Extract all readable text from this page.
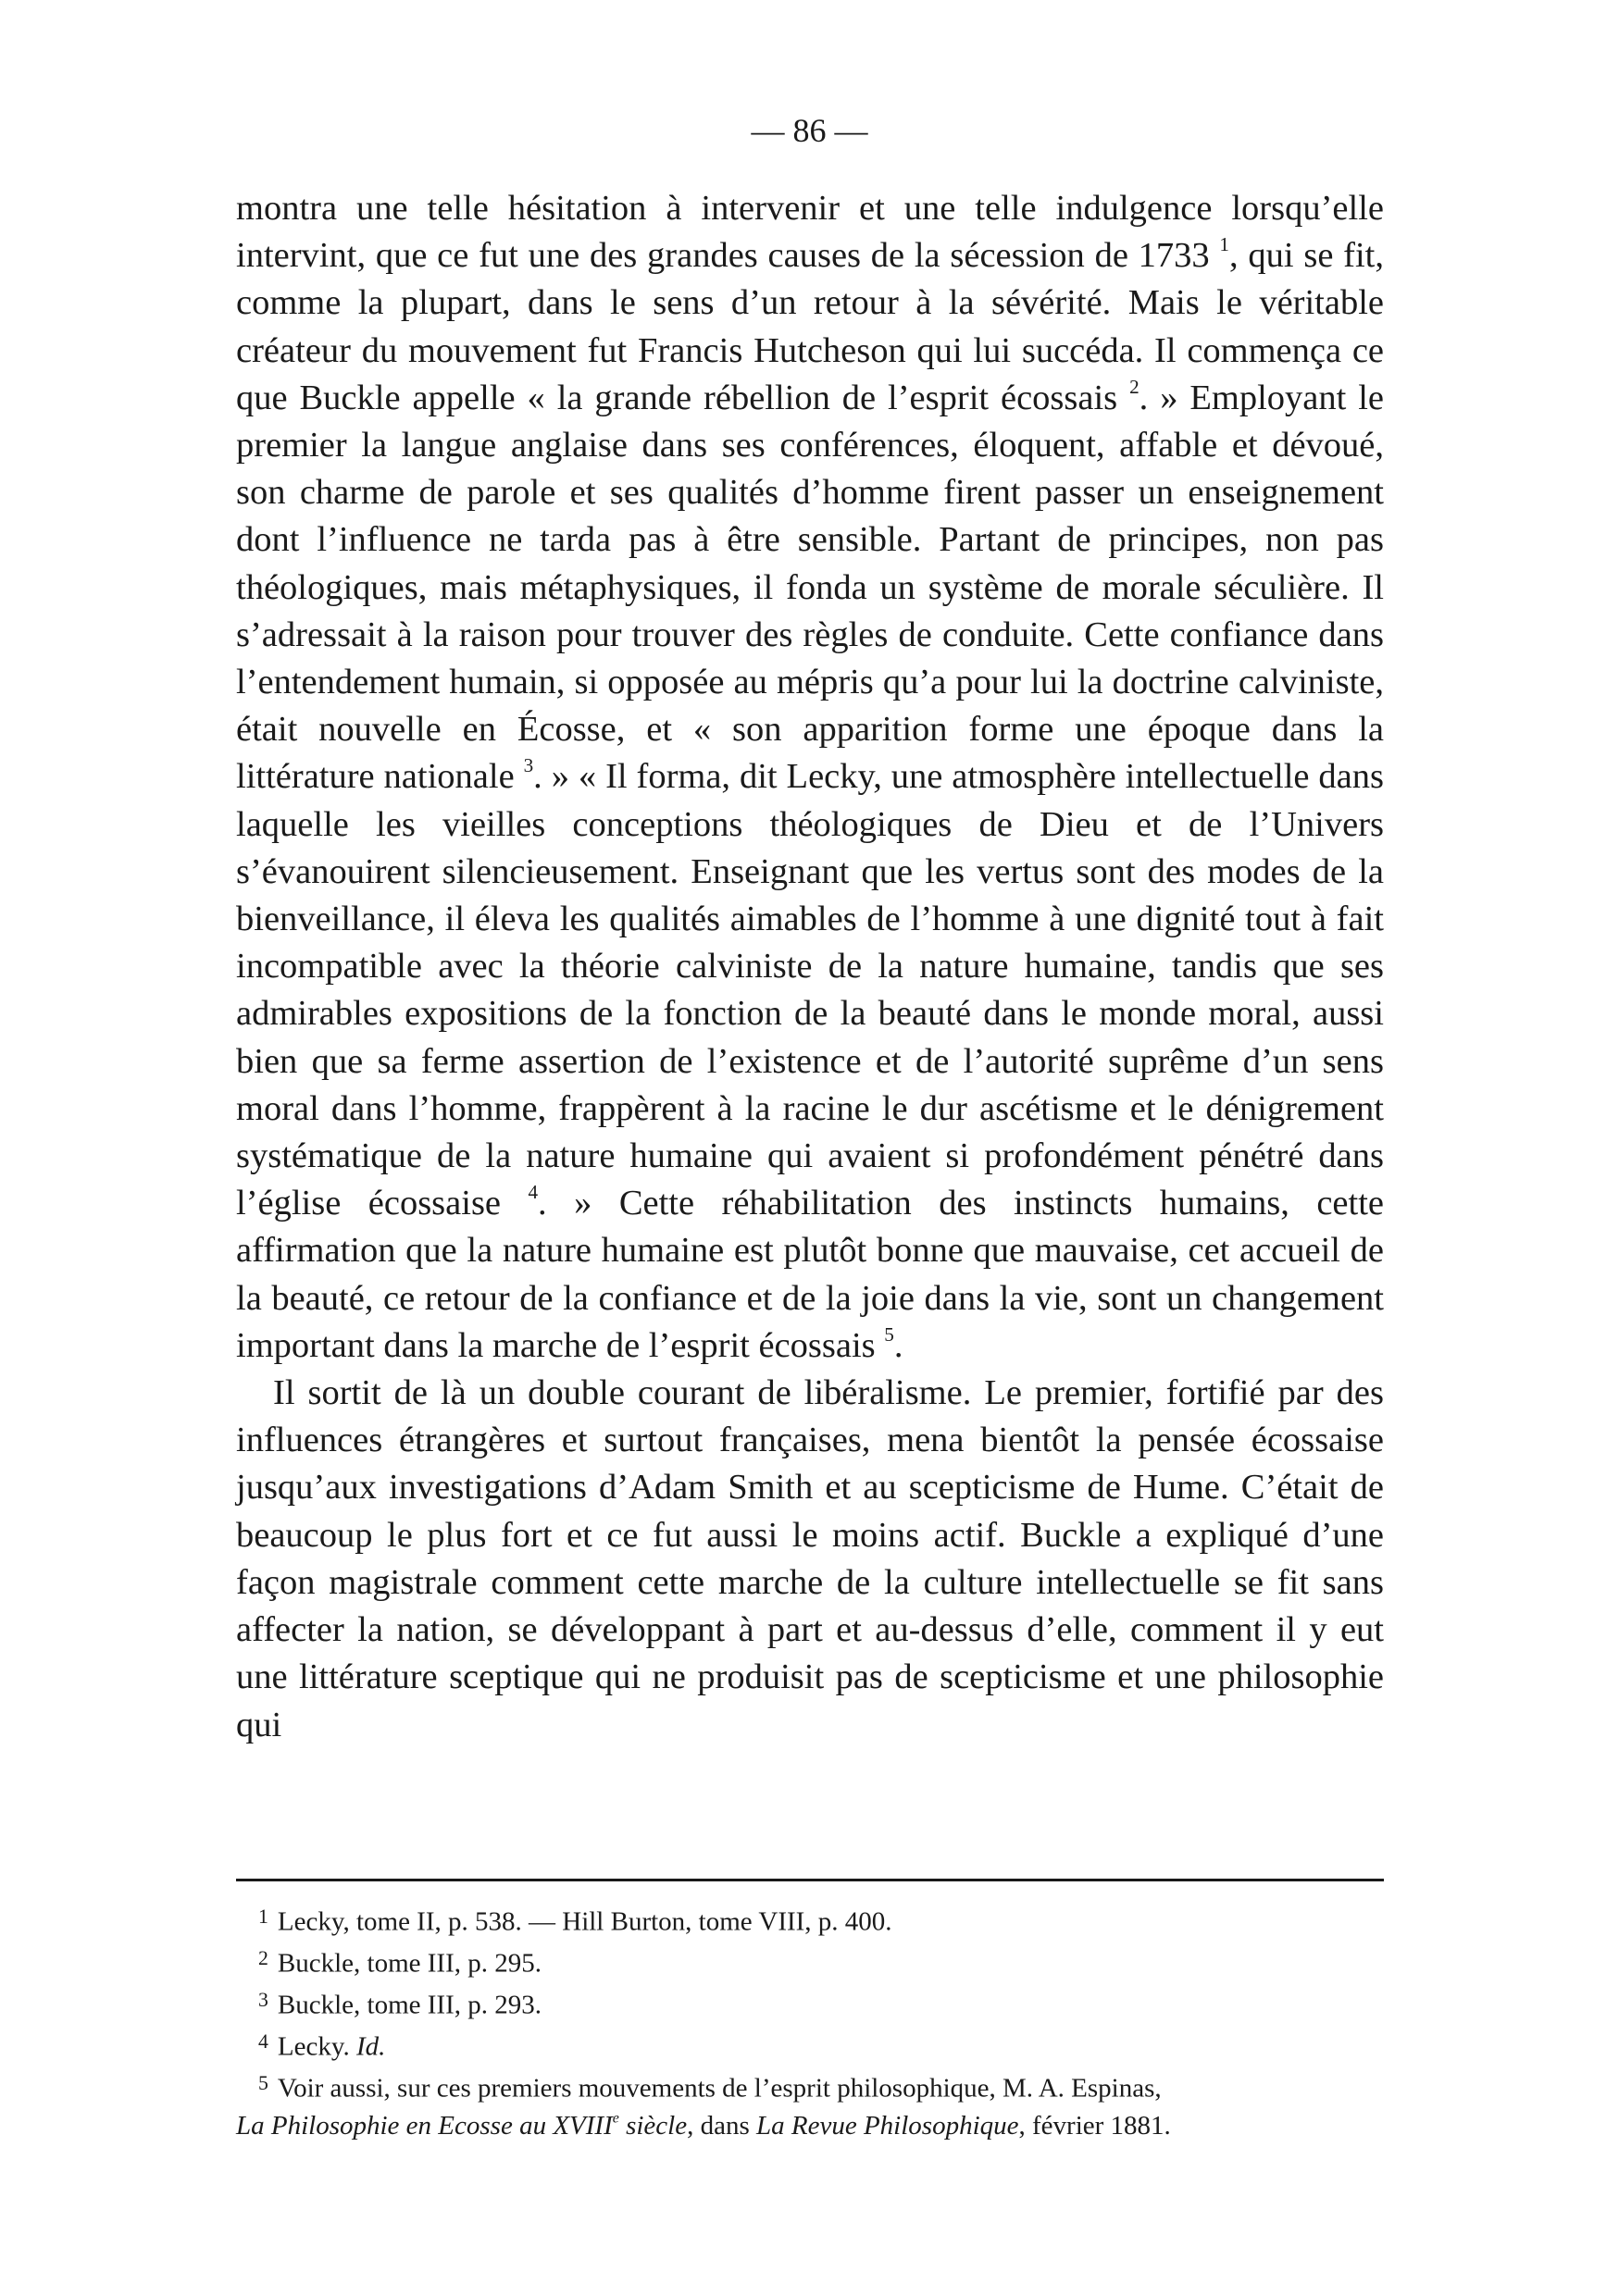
— 86 —

montra une telle hésitation à intervenir et une telle indulgence lorsqu’elle intervint, que ce fut une des grandes causes de la sécession de 1733 $^1$, qui se fit, comme la plupart, dans le sens d’un retour à la sévérité. Mais le véritable créateur du mouvement fut Francis Hutcheson qui lui succéda. Il commença ce que Buckle appelle « la grande rébellion de l’esprit écossais $^2$. » Employant le premier la langue anglaise dans ses conférences, éloquent, affable et dévoué, son charme de parole et ses qualités d’homme firent passer un enseignement dont l’influence ne tarda pas à être sensible. Partant de principes, non pas théologiques, mais métaphysiques, il fonda un système de morale séculière. Il s’adressait à la raison pour trouver des règles de conduite. Cette confiance dans l’entendement humain, si opposée au mépris qu’a pour lui la doctrine calviniste, était nouvelle en Écosse, et « son apparition forme une époque dans la littérature nationale $^3$. » « Il forma, dit Lecky, une atmosphère intellectuelle dans laquelle les vieilles conceptions théologiques de Dieu et de l’Univers s’évanouirent silencieusement. Enseignant que les vertus sont des modes de la bienveillance, il éleva les qualités aimables de l’homme à une dignité tout à fait incompatible avec la théorie calviniste de la nature humaine, tandis que ses admirables expositions de la fonction de la beauté dans le monde moral, aussi bien que sa ferme assertion de l’existence et de l’autorité suprême d’un sens moral dans l’homme, frappèrent à la racine le dur ascétisme et le dénigrement systématique de la nature humaine qui avaient si profondément pénétré dans l’église écossaise $^4$. » Cette réhabilitation des instincts humains, cette affirmation que la nature humaine est plutôt bonne que mauvaise, cet accueil de la beauté, ce retour de la confiance et de la joie dans la vie, sont un changement important dans la marche de l’esprit écossais $^5$.

Il sortit de là un double courant de libéralisme. Le premier, fortifié par des influences étrangères et surtout françaises, mena bientôt la pensée écossaise jusqu’aux investigations d’Adam Smith et au scepticisme de Hume. C’était de beaucoup le plus fort et ce fut aussi le moins actif. Buckle a expliqué d’une façon magistrale comment cette marche de la culture intellectuelle se fit sans affecter la nation, se développant à part et au-dessus d’elle, comment il y eut une littérature sceptique qui ne produisit pas de scepticisme et une philosophie qui

$^1$ Lecky, tome II, p. 538. — Hill Burton, tome VIII, p. 400.

$^2$ Buckle, tome III, p. 295.

$^3$ Buckle, tome III, p. 293.

$^4$ Lecky. Id.

$^5$ Voir aussi, sur ces premiers mouvements de l’esprit philosophique, M. A. Espinas,

La Philosophie en Ecosse au XVIIIe siècle, dans La Revue Philosophique, février 1881.
